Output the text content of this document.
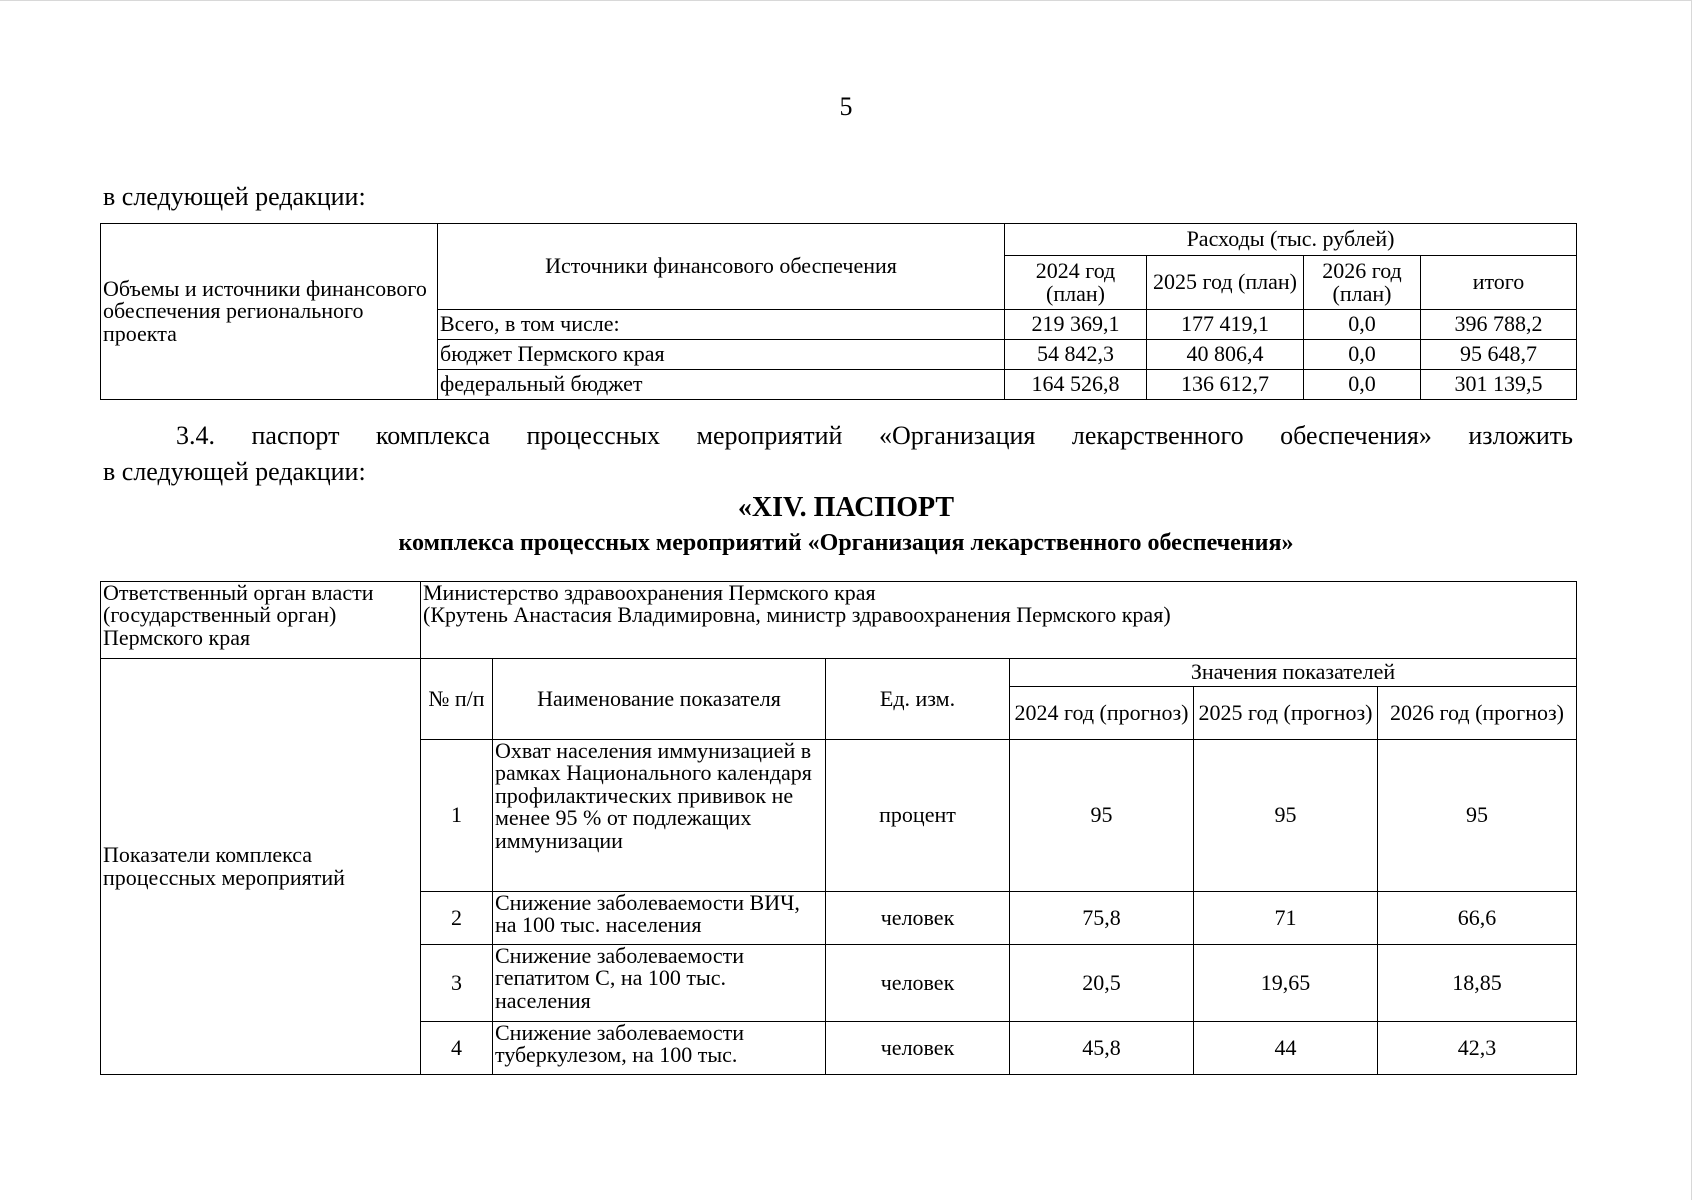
5
в следующей редакции:
Объемы и источники финансового обеспечения регионального проекта	Источники финансового обеспечения	Расходы (тыс. рублей)			
		2024 год (план)	2025 год (план)	2026 год (план)	итого
	Всего, в том числе:	219 369,1	177 419,1	0,0	396 788,2
	бюджет Пермского края	54 842,3	40 806,4	0,0	95 648,7
	федеральный бюджет	164 526,8	136 612,7	0,0	301 139,5
3.4. паспорт комплекса процессных мероприятий «Организация лекарственного обеспечения» изложить
в следующей редакции:
«XIV. ПАСПОРТ
комплекса процессных мероприятий «Организация лекарственного обеспечения»
Ответственный орган власти (государственный орган) Пермского края	Министерство здравоохранения Пермского края
(Крутень Анастасия Владимировна, министр здравоохранения Пермского края)					

Показатели комплекса процессных мероприятий	№ п/п	Наименование показателя	Ед. изм.	Значения показателей		
				2024 год (прогноз)	2025 год (прогноз)	2026 год (прогноз)
	1	Охват населения иммунизацией в рамках Национального календаря профилактических прививок не менее 95 % от подлежащих иммунизации	процент	95	95	95
	2	Снижение заболеваемости ВИЧ, на 100 тыс. населения	человек	75,8	71	66,6
	3	Снижение заболеваемости гепатитом С, на 100 тыс. населения	человек	20,5	19,65	18,85
	4	Снижение заболеваемости туберкулезом, на 100 тыс.	человек	45,8	44	42,3
